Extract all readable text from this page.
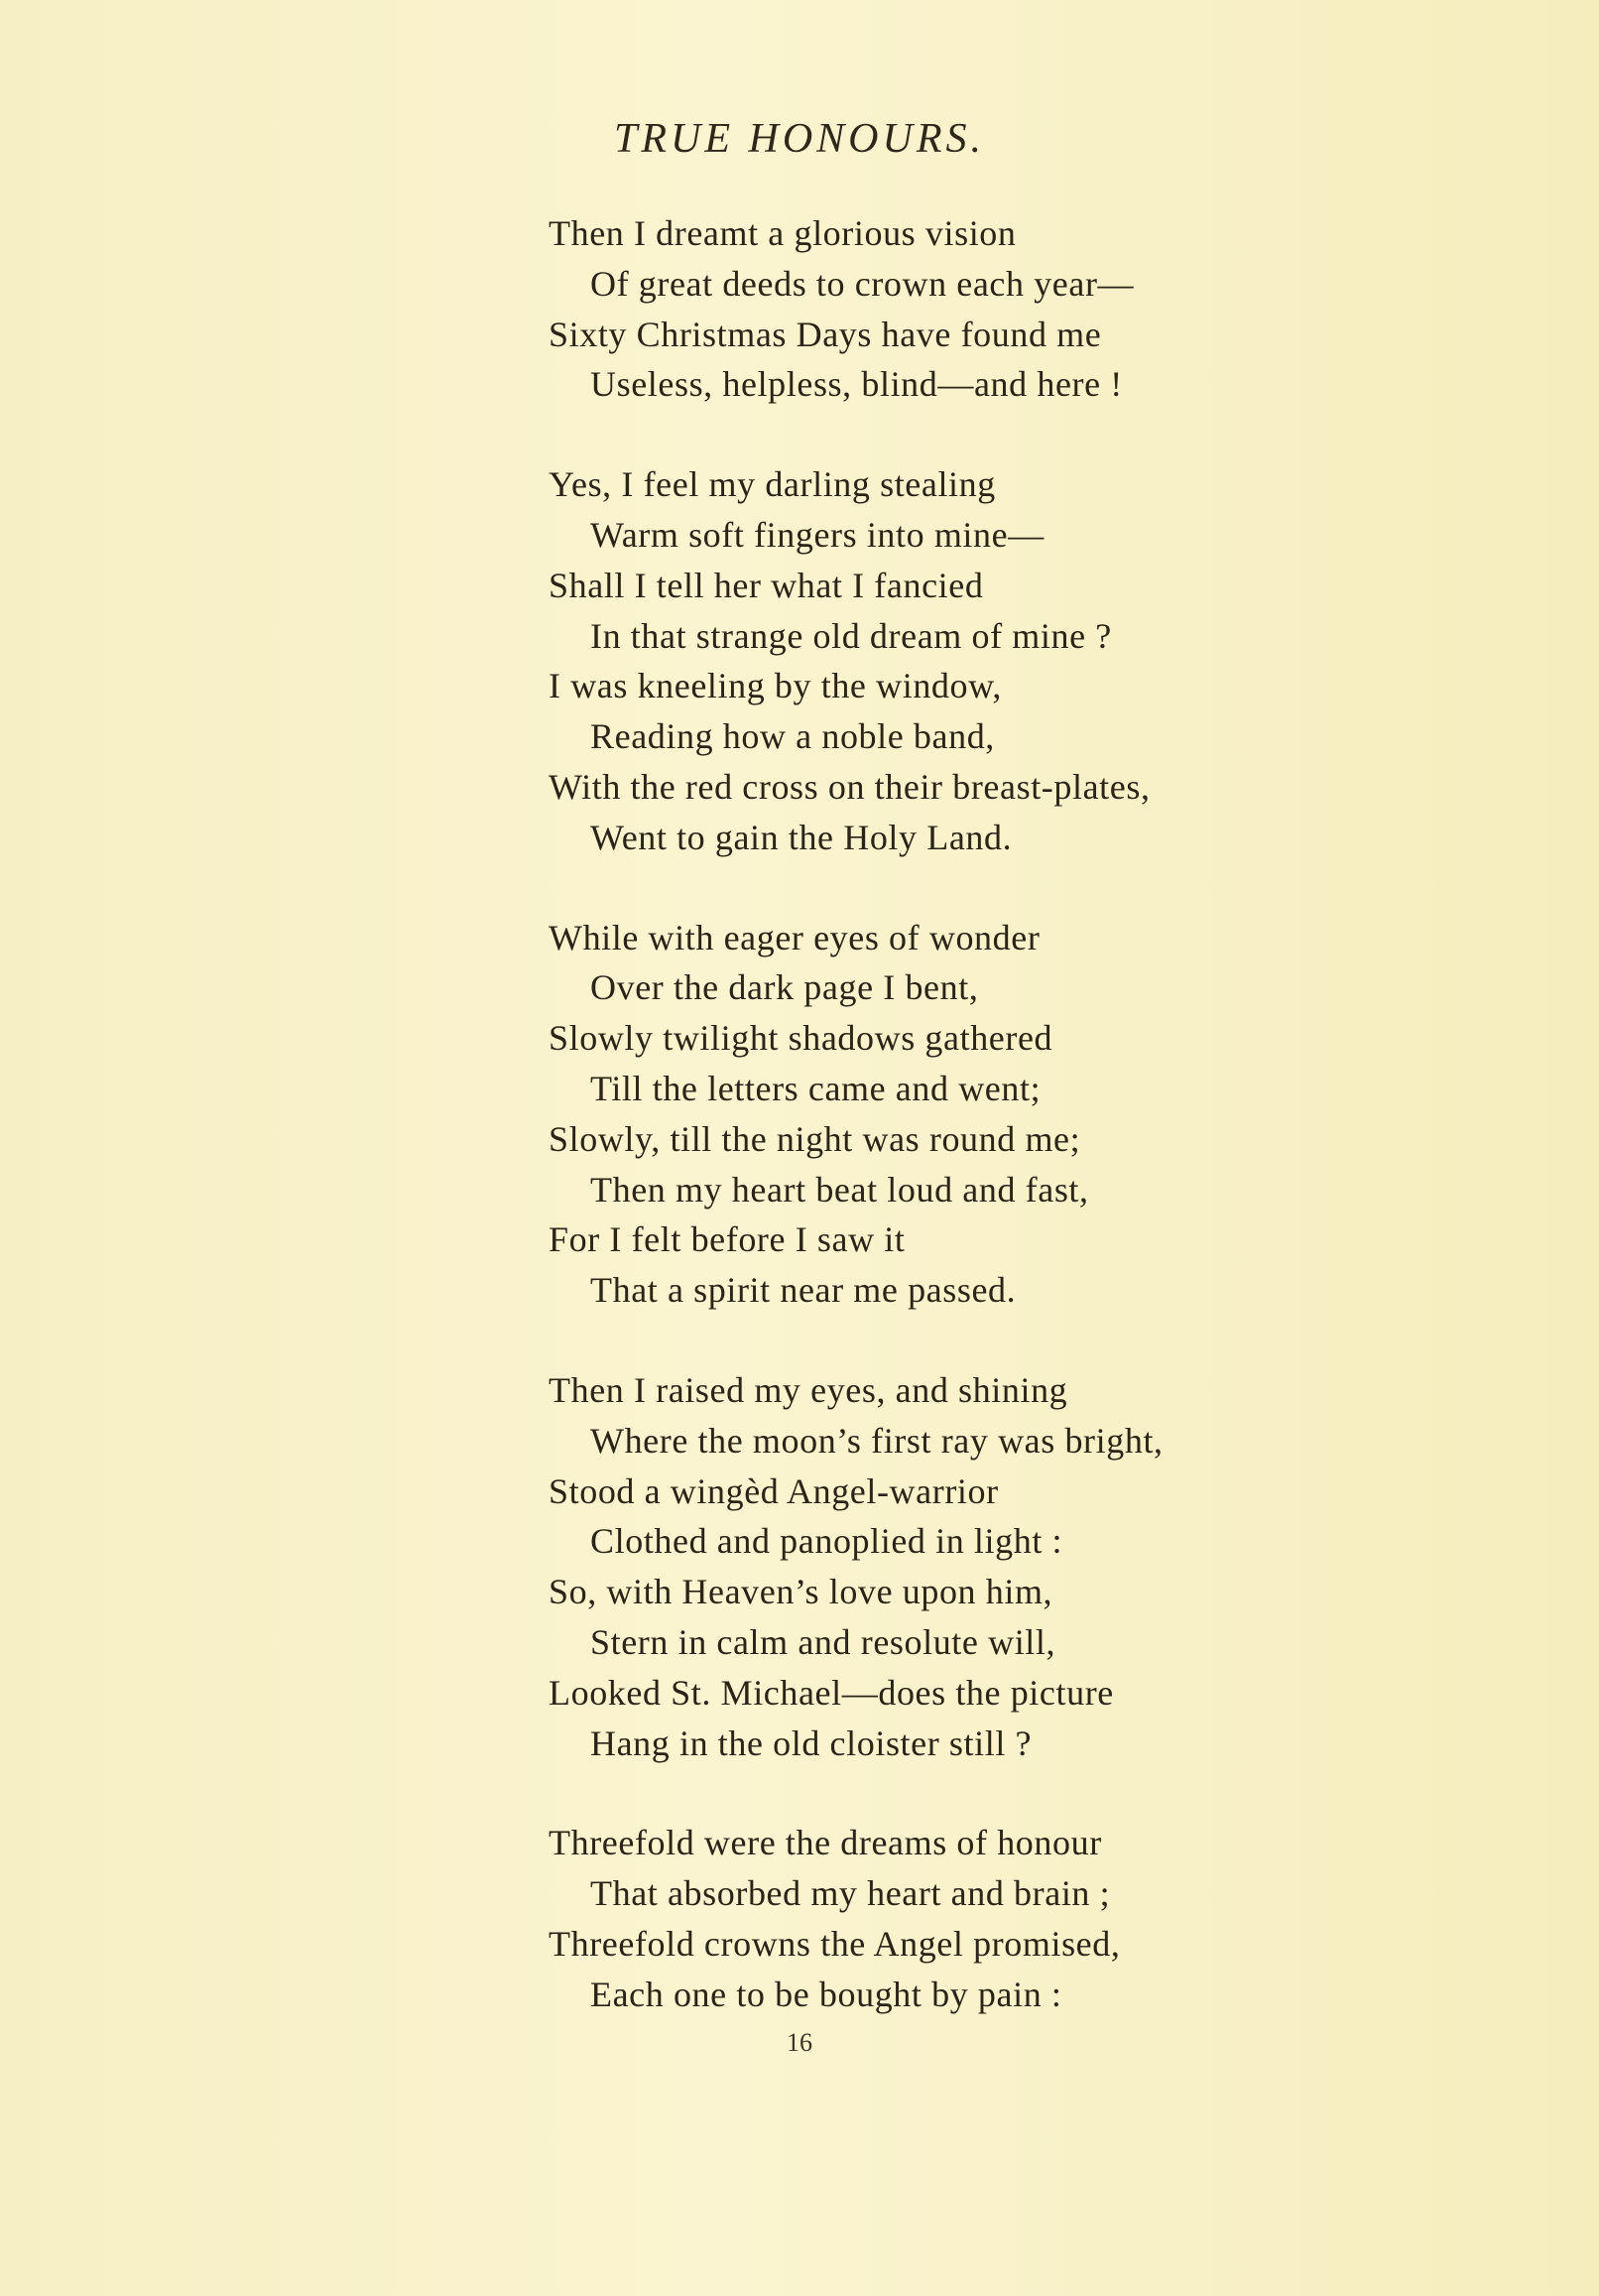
TRUE HONOURS.
Then I dreamt a glorious vision
Of great deeds to crown each year—
Sixty Christmas Days have found me
Useless, helpless, blind—and here !
Yes, I feel my darling stealing
Warm soft fingers into mine—
Shall I tell her what I fancied
In that strange old dream of mine ?
I was kneeling by the window,
Reading how a noble band,
With the red cross on their breast-plates,
Went to gain the Holy Land.
While with eager eyes of wonder
Over the dark page I bent,
Slowly twilight shadows gathered
Till the letters came and went;
Slowly, till the night was round me;
Then my heart beat loud and fast,
For I felt before I saw it
That a spirit near me passed.
Then I raised my eyes, and shining
Where the moon’s first ray was bright,
Stood a wingèd Angel-warrior
Clothed and panoplied in light :
So, with Heaven’s love upon him,
Stern in calm and resolute will,
Looked St. Michael—does the picture
Hang in the old cloister still ?
Threefold were the dreams of honour
That absorbed my heart and brain ;
Threefold crowns the Angel promised,
Each one to be bought by pain :
16
